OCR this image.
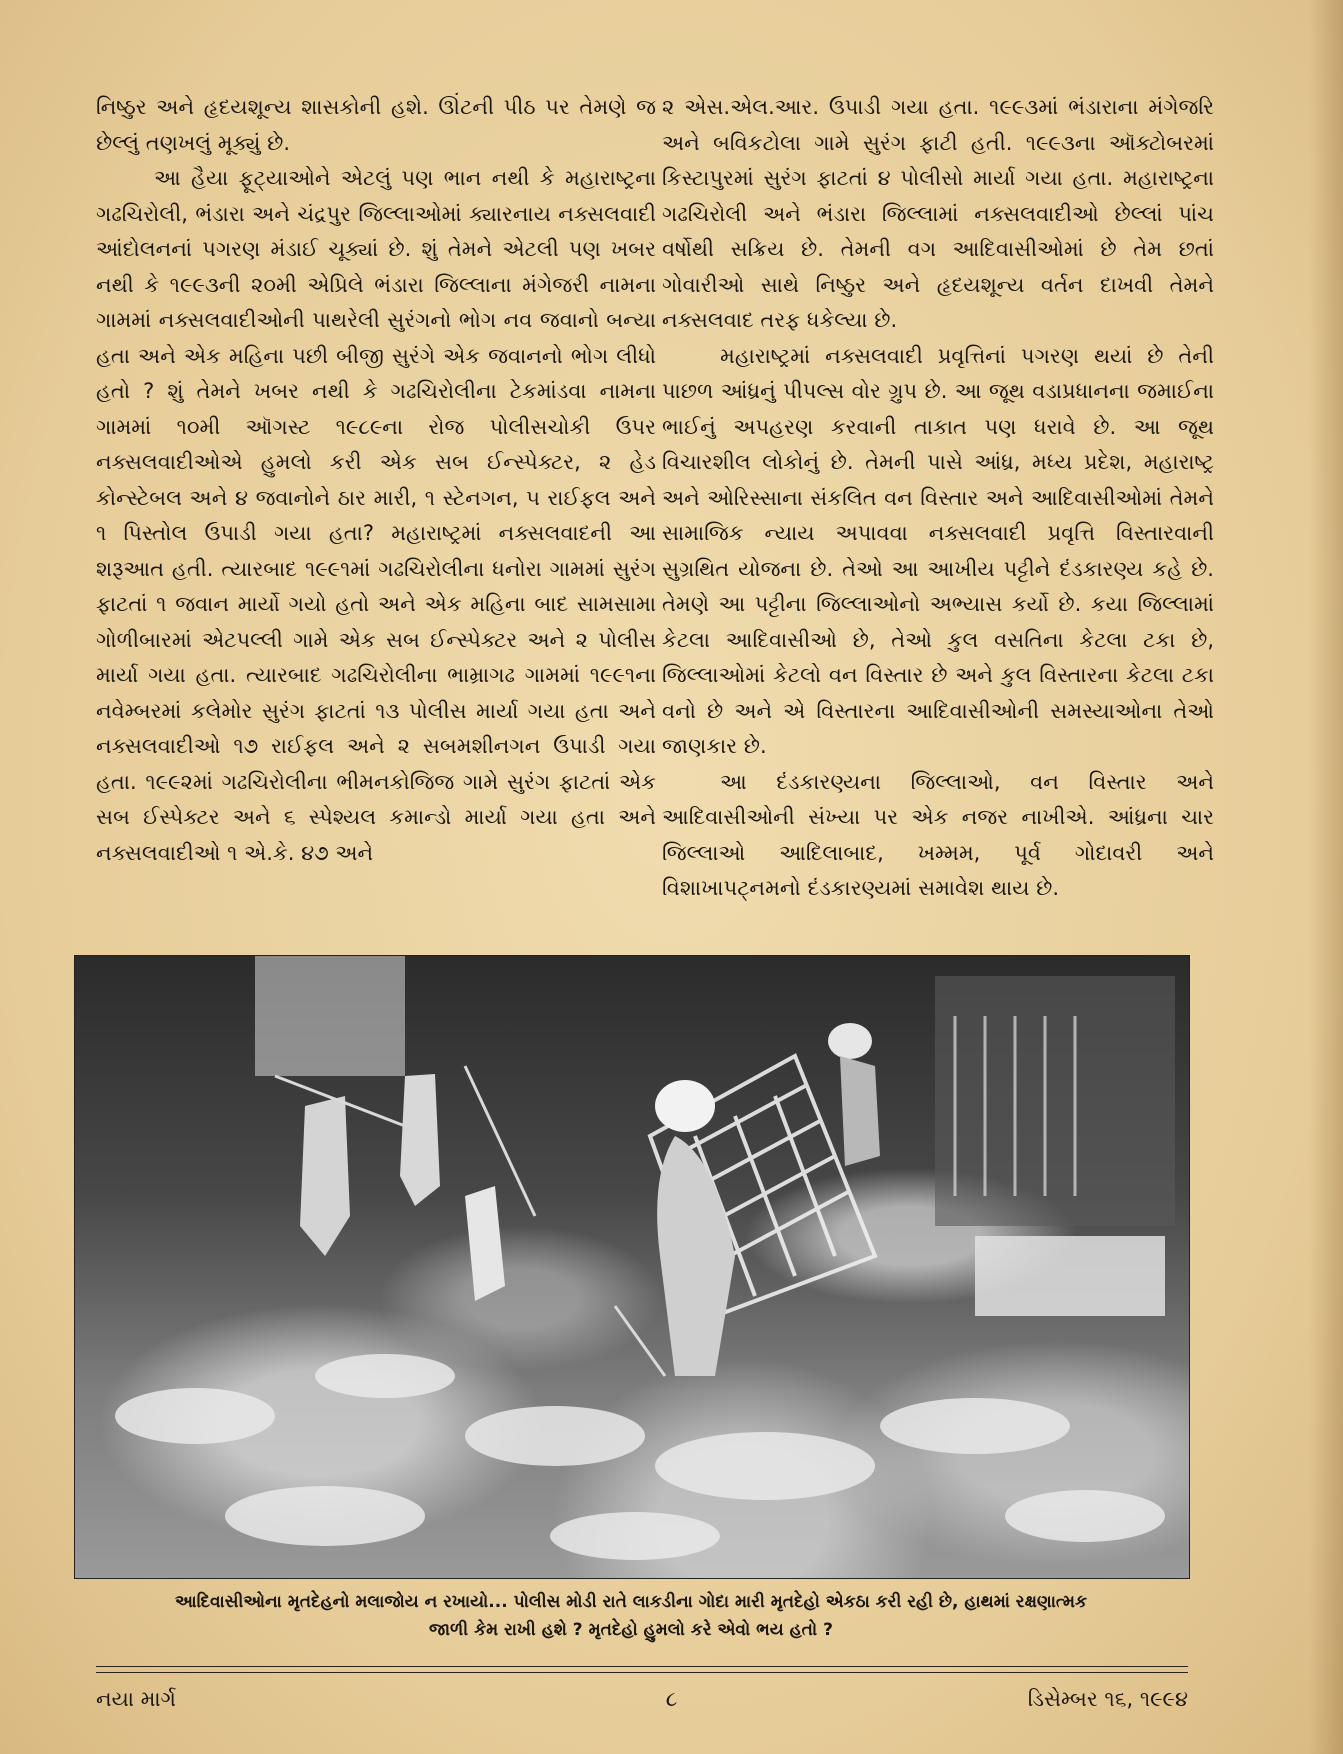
નિષ્ઠુર અને હૃદયશૂન્ય શાસકોની હશે. ઊંટની પીઠ પર તેમણે જ છેલ્લું તણખલું મૂક્યું છે.

આ હૈયા ફૂટ્યાઓને એટલું પણ ભાન નથી કે મહારાષ્ટ્રના ગઢચિરોલી, ભંડારા અને ચંદ્રપુર જિલ્લાઓમાં ક્યારનાય નક્સલવાદી આંદોલનનાં પગરણ મંડાઈ ચૂક્યાં છે. શું તેમને એટલી પણ ખબર નથી કે ૧૯૯૩ની ૨૦મી એપ્રિલે ભંડારા જિલ્લાના મંગેજરી નામના ગામમાં નક્સલવાદીઓની પાથરેલી સુરંગનો ભોગ નવ જવાનો બન્યા હતા અને એક મહિના પછી બીજી સુરંગે એક જવાનનો ભોગ લીધો હતો ? શું તેમને ખબર નથી કે ગઢચિરોલીના ટેકમાંડવા નામના ગામમાં ૧૦મી ઑગસ્ટ ૧૯૮૯ના રોજ પોલીસચોકી ઉપર નક્સલવાદીઓએ હુમલો કરી એક સબ ઈન્સ્પેક્ટર, ૨ હેડ કોન્સ્ટેબલ અને ૪ જવાનોને ઠાર મારી, ૧ સ્ટેનગન, ૫ રાઈફલ અને ૧ પિસ્તોલ ઉપાડી ગયા હતા? મહારાષ્ટ્રમાં નક્સલવાદની આ શરૂઆત હતી. ત્યારબાદ ૧૯૯૧માં ગઢચિરોલીના ધનોરા ગામમાં સુરંગ ફાટતાં ૧ જવાન માર્યો ગયો હતો અને એક મહિના બાદ સામસામા ગોળીબારમાં એટપલ્લી ગામે એક સબ ઈન્સ્પેક્ટર અને ૨ પોલીસ માર્યા ગયા હતા. ત્યારબાદ ગઢચિરોલીના ભામ્રાગઢ ગામમાં ૧૯૯૧ના નવેમ્બરમાં કલેમોર સુરંગ ફાટતાં ૧૩ પોલીસ માર્યા ગયા હતા અને નક્સલવાદીઓ ૧૭ રાઈફલ અને ૨ સબમશીનગન ઉપાડી ગયા હતા. ૧૯૯૨માં ગઢચિરોલીના ભીમનકોજિજ ગામે સુરંગ ફાટતાં એક સબ ઈસ્પેક્ટર અને ૬ સ્પેશ્યલ કમાન્ડો માર્યા ગયા હતા અને નક્સલવાદીઓ ૧ એ.કે. ૪૭ અને

૨ એસ.એલ.આર. ઉપાડી ગયા હતા. ૧૯૯૩માં ભંડારાના મંગેજરિ અને બવિકટોલા ગામે સુરંગ ફાટી હતી. ૧૯૯૩ના ઑક્ટોબરમાં કિસ્ટાપુરમાં સુરંગ ફાટતાં ૪ પોલીસો માર્યા ગયા હતા. મહારાષ્ટ્રના ગઢચિરોલી અને ભંડારા જિલ્લામાં નક્સલવાદીઓ છેલ્લાં પાંચ વર્ષોથી સક્રિય છે. તેમની વગ આદિવાસીઓમાં છે તેમ છતાં ગોવારીઓ સાથે નિષ્ઠુર અને હૃદયશૂન્ય વર્તન દાખવી તેમને નક્સલવાદ તરફ ધકેલ્યા છે.

મહારાષ્ટ્રમાં નક્સલવાદી પ્રવૃત્તિનાં પગરણ થયાં છે તેની પાછળ આંધ્રનું પીપલ્સ વોર ગ્રુપ છે. આ જૂથ વડાપ્રધાનના જમાઈના ભાઈનું અપહરણ કરવાની તાકાત પણ ધરાવે છે. આ જૂથ વિચારશીલ લોકોનું છે. તેમની પાસે આંધ્ર, મધ્ય પ્રદેશ, મહારાષ્ટ્ર અને ઓરિસ્સાના સંકલિત વન વિસ્તાર અને આદિવાસીઓમાં તેમને સામાજિક ન્યાય અપાવવા નક્સલવાદી પ્રવૃત્તિ વિસ્તારવાની સુગ્રથિત યોજના છે. તેઓ આ આખીય પટ્ટીને દંડકારણ્ય કહે છે. તેમણે આ પટ્ટીના જિલ્લાઓનો અભ્યાસ કર્યો છે. કયા જિલ્લામાં કેટલા આદિવાસીઓ છે, તેઓ કુલ વસતિના કેટલા ટકા છે, જિલ્લાઓમાં કેટલો વન વિસ્તાર છે અને કુલ વિસ્તારના કેટલા ટકા વનો છે અને એ વિસ્તારના આદિવાસીઓની સમસ્યાઓના તેઓ જાણકાર છે.

આ દંડકારણ્યના જિલ્લાઓ, વન વિસ્તાર અને આદિવાસીઓની સંખ્યા પર એક નજર નાખીએ. આંધ્રના ચાર જિલ્લાઓ આદિલાબાદ, ખમ્મમ, પૂર્વ ગોદાવરી અને વિશાખાપટ્નમનો દંડકારણ્યમાં સમાવેશ થાય છે.

આદિવાસીઓના મૃતદેહનો મલાજોય ન રખાયો... પોલીસ મોડી રાતે લાકડીના ગોદા મારી મૃતદેહો એકઠા કરી રહી છે, હાથમાં રક્ષણાત્મક
જાળી કેમ રાખી હશે ? મૃતદેહો હુમલો કરે એવો ભય હતો ?
નયા માર્ગ	૮	ડિસેમ્બર ૧૬, ૧૯૯૪
